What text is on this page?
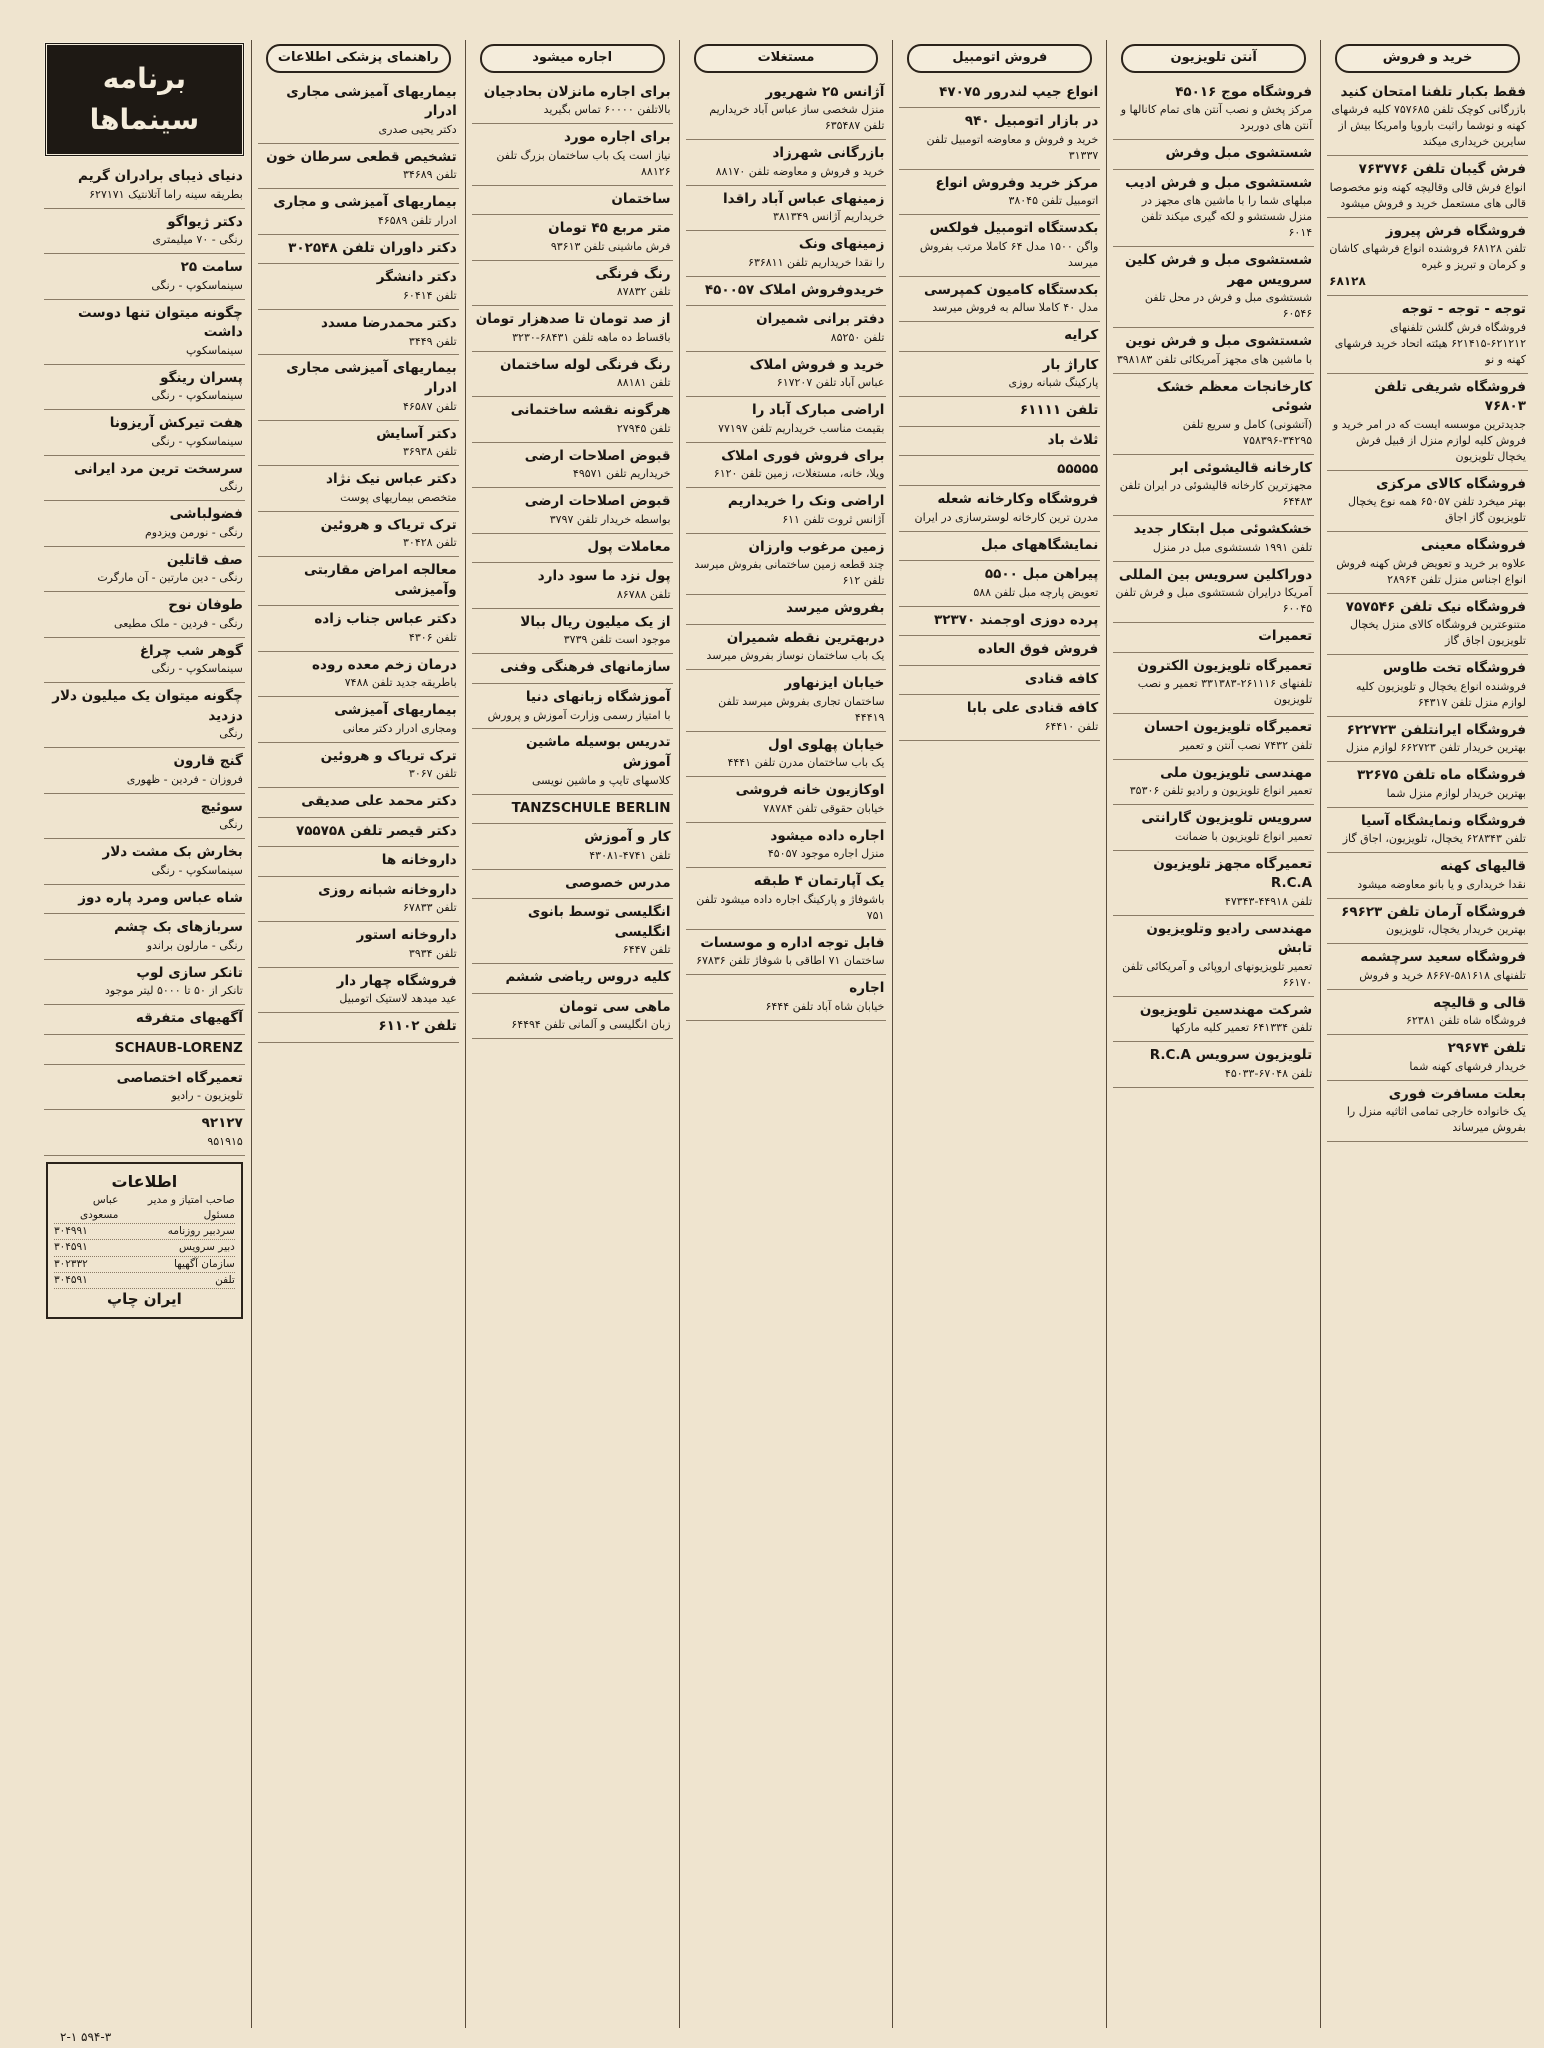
خرید و فروش
فقط بکبار تلفنا امتحان کنید
بازرگانی کوچک تلفن ۷۵۷۶۸۵ کلیه فرشهای کهنه و نوشما راثبت بارویا وامریکا بیش از سایرین خریداری میکند
فرش گیبان تلفن ۷۶۳۷۷۶
انواع فرش قالی وقالیچه کهنه ونو مخصوصا قالی های مستعمل خرید و فروش میشود
فروشگاه فرش پیروز
تلفن ۶۸۱۲۸ فروشنده انواع فرشهای کاشان و کرمان و تبریز و غیره
۶۸۱۲۸
توجه - توجه - توجه
فروشگاه فرش گلشن تلفنهای ۶۲۱۲۱۲-۶۲۱۴۱۵ هیئته اتحاد خرید فرشهای کهنه و نو
فروشگاه شریفی تلفن ۷۶۸۰۳
جدیدترین موسسه ایست که در امر خرید و فروش کلیه لوازم منزل از قبیل فرش یخچال تلویزیون
فروشگاه کالای مرکزی
بهتر میخرد تلفن ۶۵۰۵۷ همه نوع یخچال تلویزیون گاز اجاق
فروشگاه معینی
علاوه بر خرید و تعویض فرش کهنه فروش انواع اجناس منزل تلفن ۲۸۹۶۴
فروشگاه نیک تلفن ۷۵۷۵۴۶
متنوعترین فروشگاه کالای منزل یخچال تلویزیون اجاق گاز
فروشگاه تخت طاوس
فروشنده انواع یخچال و تلویزیون کلیه لوازم منزل تلفن ۶۴۳۱۷
فروشگاه ایرانتلفن ۶۲۲۷۲۳
بهترین خریدار تلفن ۶۶۲۷۲۳ لوازم منزل
فروشگاه ماه تلفن ۳۲۶۷۵
بهترین خریدار لوازم منزل شما
فروشگاه ونمایشگاه آسیا
تلفن ۶۲۸۳۴۳ یخچال، تلویزیون، اجاق گاز
قالیهای کهنه
نقدا خریداری و یا بانو معاوضه میشود
فروشگاه آرمان تلفن ۶۹۶۲۳
بهترین خریدار یخچال، تلویزیون
فروشگاه سعید سرچشمه
تلفنهای ۵۸۱۶۱۸-۸۶۶۷ خرید و فروش
قالی و قالیچه
فروشگاه شاه تلفن ۶۲۳۸۱
تلفن ۲۹۶۷۴
خریدار فرشهای کهنه شما
بعلت مسافرت فوری
یک خانواده خارجی تمامی اثاثیه منزل را بفروش میرساند
آنتن تلویزیون
فروشگاه موج ۴۵۰۱۶
مرکز پخش و نصب آنتن های تمام کانالها و آنتن های دوربرد
شستشوی مبل وفرش
شستشوی مبل و فرش ادیب
مبلهای شما را با ماشین های مجهز در منزل شستشو و لکه گیری میکند تلفن ۶۰۱۴
شستشوی مبل و فرش کلین سرویس مهر
شستشوی مبل و فرش در محل تلفن ۶۰۵۴۶
شستشوی مبل و فرش نوین
با ماشین های مجهز آمریکائی تلفن ۳۹۸۱۸۳
کارخانجات معظم خشک شوئی
(آتشونی) کامل و سریع تلفن ۳۴۲۹۵-۷۵۸۳۹۶
کارخانه قالیشوئی ابر
مجهزترین کارخانه قالیشوئی در ایران تلفن ۶۴۴۸۳
خشکشوئی مبل ابتکار جدید
تلفن ۱۹۹۱ شستشوی مبل در منزل
دوراکلین سرویس بین المللی
آمریکا درایران شستشوی مبل و فرش تلفن ۶۰۰۴۵
تعمیرات
تعمیرگاه تلویزیون الکترون
تلفنهای ۲۶۱۱۱۶-۳۳۱۳۸۳ تعمیر و نصب تلویزیون
تعمیرگاه تلویزیون احسان
تلفن ۷۴۳۲ نصب آنتن و تعمیر
مهندسی تلویزیون ملی
تعمیر انواع تلویزیون و رادیو تلفن ۳۵۳۰۶
سرویس تلویزیون گارانتی
تعمیر انواع تلویزیون با ضمانت
تعمیرگاه مجهز تلویزیون R.C.A
تلفن ۴۴۹۱۸-۴۷۳۴۳
مهندسی رادیو وتلویزیون تابش
تعمیر تلویزیونهای اروپائی و آمریکائی تلفن ۶۶۱۷۰
شرکت مهندسین تلویزیون
تلفن ۶۴۱۳۳۴ تعمیر کلیه مارکها
تلویزیون سرویس R.C.A
تلفن ۶۷۰۴۸-۴۵۰۳۳
فروش اتومبیل
انواع جیپ لندرور ۴۷۰۷۵
در بازار اتومبیل ۹۴۰
خرید و فروش و معاوضه اتومبیل تلفن ۳۱۳۳۷
مرکز خرید وفروش انواع
اتومبیل تلفن ۳۸۰۴۵
بکدستگاه اتومبیل فولکس
واگن ۱۵۰۰ مدل ۶۴ کاملا مرتب بفروش میرسد
بکدستگاه کامیون کمپرسی
مدل ۴۰ کاملا سالم به فروش میرسد
کرایه
کاراژ بار
پارکینگ شبانه روزی
تلفن ۶۱۱۱۱
ثلاث باد
۵۵۵۵۵
فروشگاه وکارخانه شعله
مدرن ترین کارخانه لوسترسازی در ایران
نمایشگاههای مبل
پیراهن مبل ۵۵۰۰
تعویض پارچه مبل تلفن ۵۸۸
پرده دوزی اوجمند ۳۲۳۷۰
فروش فوق العاده
کافه قنادی
کافه قنادی علی بابا
تلفن ۶۴۴۱۰
مستغلات
آژانس ۲۵ شهریور
منزل شخصی ساز عباس آباد خریداریم تلفن ۶۳۵۴۸۷
بازرگانی شهرزاد
خرید و فروش و معاوضه تلفن ۸۸۱۷۰
زمینهای عباس آباد راقدا
خریداریم آژانس ۳۸۱۳۴۹
زمینهای ونک
را نقدا خریداریم تلفن ۶۳۶۸۱۱
خریدوفروش املاک ۴۵۰۰۵۷
دفتر برانی شمیران
تلفن ۸۵۲۵۰
خرید و فروش املاک
عباس آباد تلفن ۶۱۷۲۰۷
اراضی مبارک آباد را
بقیمت مناسب خریداریم تلفن ۷۷۱۹۷
برای فروش فوری املاک
ویلا، خانه، مستغلات، زمین تلفن ۶۱۲۰
اراضی ونک را خریداریم
آژانس ثروت تلفن ۶۱۱
زمین مرغوب وارزان
چند قطعه زمین ساختمانی بفروش میرسد تلفن ۶۱۲
بفروش میرسد
دربهترین نقطه شمیران
یک باب ساختمان نوساز بفروش میرسد
خیابان ایزنهاور
ساختمان تجاری بفروش میرسد تلفن ۴۴۴۱۹
خیابان پهلوی اول
یک باب ساختمان مدرن تلفن ۴۴۴۱
اوکازیون خانه فروشی
خیابان حقوقی تلفن ۷۸۷۸۴
اجاره داده میشود
منزل اجاره موجود ۴۵۰۵۷
یک آپارتمان ۴ طبقه
باشوفاژ و پارکینگ اجاره داده میشود تلفن ۷۵۱
فابل توجه اداره و موسسات
ساختمان ۷۱ اطاقی با شوفاژ تلفن ۶۷۸۳۶
اجاره
خیابان شاه آباد تلفن ۶۴۴۴
اجاره میشود
برای اجاره مانزلان بحادجیان
بالاتلفن ۶۰۰۰۰ تماس بگیرید
برای اجاره مورد
نیاز است یک باب ساختمان بزرگ تلفن ۸۸۱۲۶
ساختمان
متر مربع ۴۵ تومان
فرش ماشینی تلفن ۹۳۶۱۳
رنگ فرنگی
تلفن ۸۷۸۳۲
از صد تومان تا صدهزار تومان
باقساط ده ماهه تلفن ۶۸۴۳۱-۳۲۳۰
رنگ فرنگی لوله ساختمان
تلفن ۸۸۱۸۱
هرگونه نقشه ساختمانی
تلفن ۲۷۹۴۵
قبوض اصلاحات ارضی
خریداریم تلفن ۴۹۵۷۱
قبوض اصلاحات ارضی
بواسطه خریدار تلفن ۳۷۹۷
معاملات پول
پول نزد ما سود دارد
تلفن ۸۶۷۸۸
از یک میلیون ریال ببالا
موجود است تلفن ۳۷۳۹
سازمانهای فرهنگی وفنی
آموزشگاه زبانهای دنیا
با امتیاز رسمی وزارت آموزش و پرورش
تدریس بوسیله ماشین آموزش
کلاسهای تایپ و ماشین نویسی
TANZSCHULE BERLIN
کار و آموزش
تلفن ۴۷۴۱-۴۳۰۸۱
مدرس خصوصی
انگلیسی توسط بانوی انگلیسی
تلفن ۶۴۴۷
کلیه دروس ریاضی ششم
ماهی سی تومان
زبان انگلیسی و آلمانی تلفن ۶۴۴۹۴
راهنمای پزشکی اطلاعات
بیماریهای آمیزشی مجاری ادرار
دکتر یحیی صدری
تشخیص قطعی سرطان خون
تلفن ۳۴۶۸۹
بیماریهای آمیزشی و مجاری
ادرار تلفن ۴۶۵۸۹
دکتر داوران تلفن ۳۰۲۵۴۸
دکتر دانشگر
تلفن ۶۰۴۱۴
دکتر محمدرضا مسدد
تلفن ۳۴۴۹
بیماریهای آمیزشی مجاری ادرار
تلفن ۴۶۵۸۷
دکتر آسایش
تلفن ۳۶۹۳۸
دکتر عباس نیک نژاد
متخصص بیماریهای پوست
ترک تریاک و هروئین
تلفن ۳۰۴۲۸
معالجه امراض مقاربتی وآمیزشی
دکتر عباس جناب زاده
تلفن ۴۳۰۶
درمان زخم معده روده
باطریقه جدید تلفن ۷۴۸۸
بیماریهای آمیزشی
ومجاری ادرار دکتر معانی
ترک تریاک و هروئین
تلفن ۳۰۶۷
دکتر محمد علی صدیقی
دکتر قیصر تلفن ۷۵۵۷۵۸
داروخانه ها
داروخانه شبانه روزی
تلفن ۶۷۸۳۳
داروخانه استور
تلفن ۳۹۳۴
فروشگاه چهار دار
عید میدهد لاستیک اتومبیل
تلفن ۶۱۱۰۲
برنامه سینماها
دنیای ذیبای برادران گریم
بطریقه سینه راما آتلانتیک ۶۲۷۱۷۱
دکتر ژیواگو
رنگی - ۷۰ میلیمتری
سامت ۲۵
سینماسکوپ - رنگی
چگونه میتوان تنها دوست داشت
سینماسکوپ
پسران رینگو
سینماسکوپ - رنگی
هفت تیرکش آریزونا
سینماسکوپ - رنگی
سرسخت ترین مرد ایرانی
رنگی
فضولباشی
رنگی - نورمن ویزدوم
صف قاتلین
رنگی - دین مارتین - آن مارگرت
طوفان نوح
رنگی - فردین - ملک مطیعی
گوهر شب چراغ
سینماسکوپ - رنگی
چگونه میتوان یک میلیون دلار دزدید
رنگی
گنج قارون
فروزان - فردین - ظهوری
سوئیچ
رنگی
بخارش بک مشت دلار
سینماسکوپ - رنگی
شاه عباس ومرد پاره دوز
سربازهای بک چشم
رنگی - مارلون براندو
تانکر سازی لوپ
تانکر از ۵۰ تا ۵۰۰۰ لیتر موجود
آگهیهای متفرقه
SCHAUB-LORENZ
تعمیرگاه اختصاصی
تلویزیون - رادیو
۹۲۱۲۷
۹۵۱۹۱۵
اطلاعات
صاحب امتیاز و مدیر مسئول
عباس مسعودی
سردبیر روزنامه
۳۰۴۹۹۱
دبیر سرویس
۳۰۴۵۹۱
سازمان آگهیها
۳۰۲۳۳۲
تلفن
۳۰۴۵۹۱
ایران چاپ
۲-۱ ۵۹۴-۳
